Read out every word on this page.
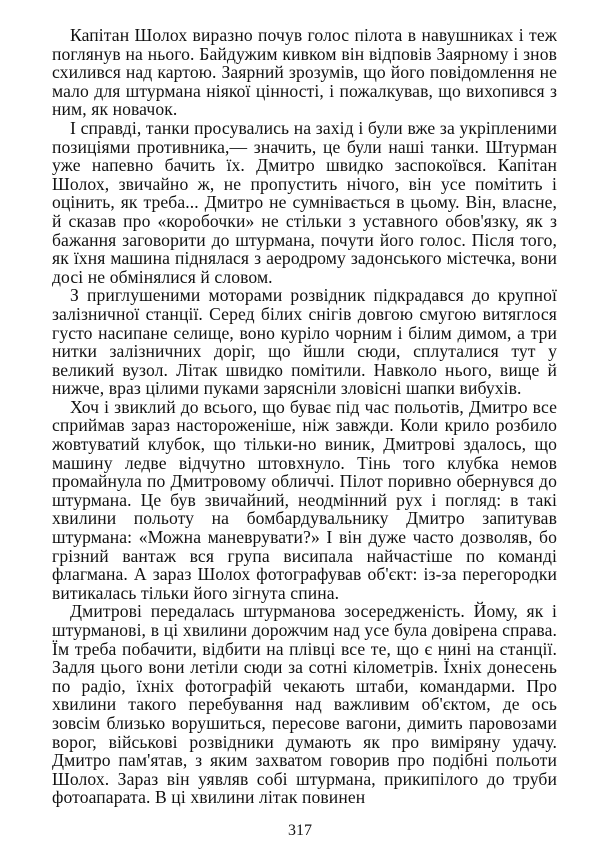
Капітан Шолох виразно почув голос пілота в навушниках і теж поглянув на нього. Байдужим кивком він відповів Заярному і знов схилився над картою. Заярний зрозумів, що його повідомлення не мало для штурмана ніякої цінності, і пожалкував, що вихопився з ним, як новачок.

І справді, танки просувались на захід і були вже за укріпленими позиціями противника,— значить, це були наші танки. Штурман уже напевно бачить їх. Дмитро швидко заспокоївся. Капітан Шолох, звичайно ж, не пропустить нічого, він усе помітить і оцінить, як треба... Дмитро не сумнівається в цьому. Він, власне, й сказав про «коробочки» не стільки з уставного обов'язку, як з бажання заговорити до штурмана, почути його голос. Після того, як їхня машина піднялася з аеродрому задонського містечка, вони досі не обмінялися й словом.

З приглушеними моторами розвідник підкрадався до крупної залізничної станції. Серед білих снігів довгою смугою витяглося густо насипане селище, воно куріло чорним і білим димом, а три нитки залізничних доріг, що йшли сюди, сплуталися тут у великий вузол. Літак швидко помітили. Навколо нього, вище й нижче, враз цілими пуками зарясніли зловісні шапки вибухів.

Хоч і звиклий до всього, що буває під час польотів, Дмитро все сприймав зараз настороженіше, ніж завжди. Коли крило розбило жовтуватий клубок, що тільки-но виник, Дмитрові здалось, що машину ледве відчутно штовхнуло. Тінь того клубка немов промайнула по Дмитровому обличчі. Пілот поривно обернувся до штурмана. Це був звичайний, неодмінний рух і погляд: в такі хвилини польоту на бомбардувальнику Дмитро запитував штурмана: «Можна маневрувати?» І він дуже часто дозволяв, бо грізний вантаж вся група висипала найчастіше по команді флагмана. А зараз Шолох фотографував об'єкт: із-за перегородки витикалась тільки його зігнута спина.

Дмитрові передалась штурманова зосередженість. Йому, як і штурманові, в ці хвилини дорожчим над усе була довірена справа. Їм треба побачити, відбити на плівці все те, що є нині на станції. Задля цього вони летіли сюди за сотні кілометрів. Їхніх донесень по радіо, їхніх фотографій чекають штаби, командарми. Про хвилини такого перебування над важливим об'єктом, де ось зовсім близько ворушиться, пересове вагони, димить паровозами ворог, військові розвідники думають як про виміряну удачу. Дмитро пам'ятав, з яким захватом говорив про подібні польоти Шолох. Зараз він уявляв собі штурмана, прикипілого до труби фотоапарата. В ці хвилини літак повинен

317
